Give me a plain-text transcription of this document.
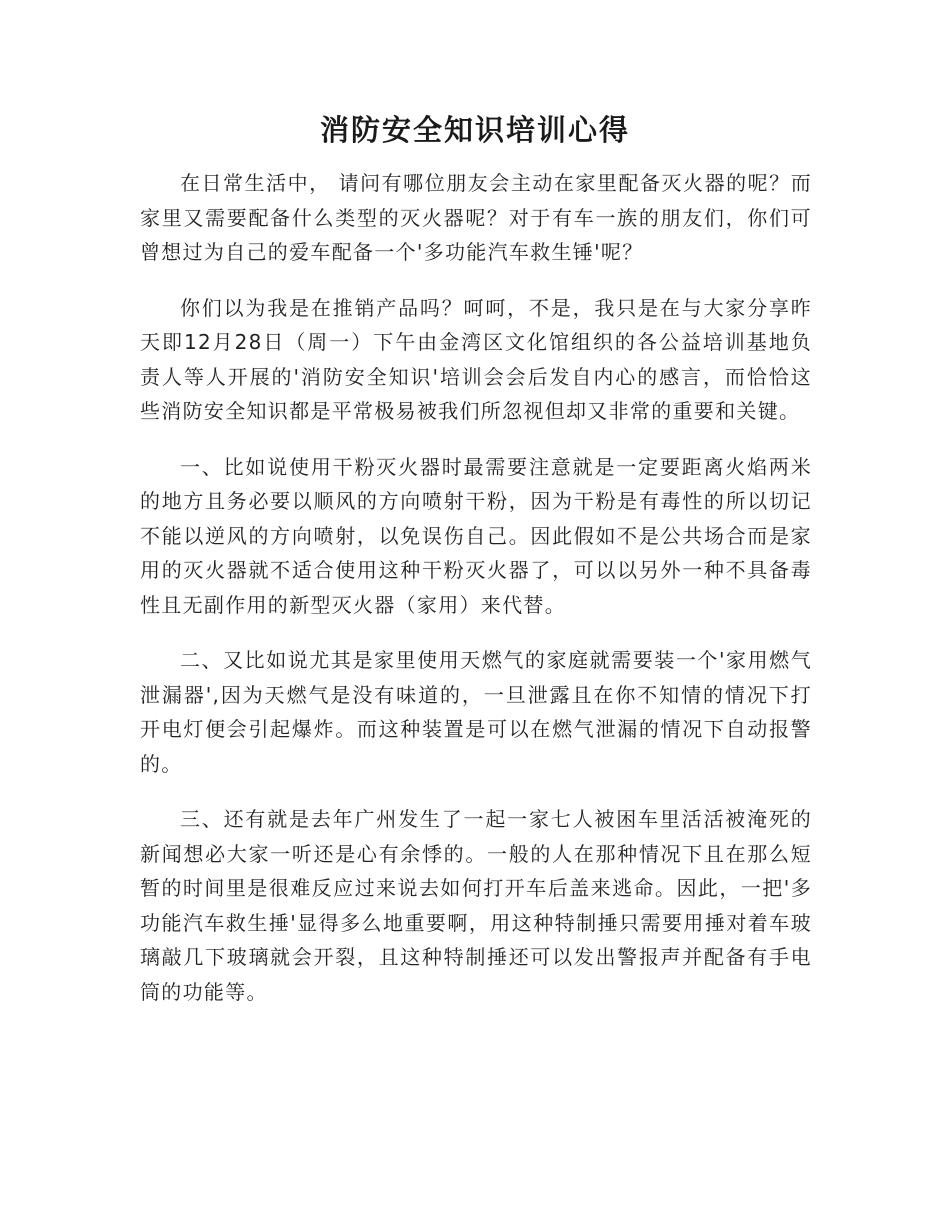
消防安全知识培训心得

在日常生活中， 请问有哪位朋友会主动在家里配备灭火器的呢？而家里又需要配备什么类型的灭火器呢？对于有车一族的朋友们，你们可曾想过为自己的爱车配备一个'多功能汽车救生锤'呢？

你们以为我是在推销产品吗？呵呵，不是，我只是在与大家分享昨天即12月28日（周一）下午由金湾区文化馆组织的各公益培训基地负责人等人开展的'消防安全知识'培训会会后发自内心的感言，而恰恰这些消防安全知识都是平常极易被我们所忽视但却又非常的重要和关键。

一、比如说使用干粉灭火器时最需要注意就是一定要距离火焰两米的地方且务必要以顺风的方向喷射干粉，因为干粉是有毒性的所以切记不能以逆风的方向喷射，以免误伤自己。因此假如不是公共场合而是家用的灭火器就不适合使用这种干粉灭火器了，可以以另外一种不具备毒性且无副作用的新型灭火器（家用）来代替。

二、又比如说尤其是家里使用天燃气的家庭就需要装一个'家用燃气泄漏器',因为天燃气是没有味道的，一旦泄露且在你不知情的情况下打开电灯便会引起爆炸。而这种装置是可以在燃气泄漏的情况下自动报警的。

三、还有就是去年广州发生了一起一家七人被困车里活活被淹死的新闻想必大家一听还是心有余悸的。一般的人在那种情况下且在那么短暂的时间里是很难反应过来说去如何打开车后盖来逃命。因此，一把'多功能汽车救生捶'显得多么地重要啊，用这种特制捶只需要用捶对着车玻璃敲几下玻璃就会开裂，且这种特制捶还可以发出警报声并配备有手电筒的功能等。
